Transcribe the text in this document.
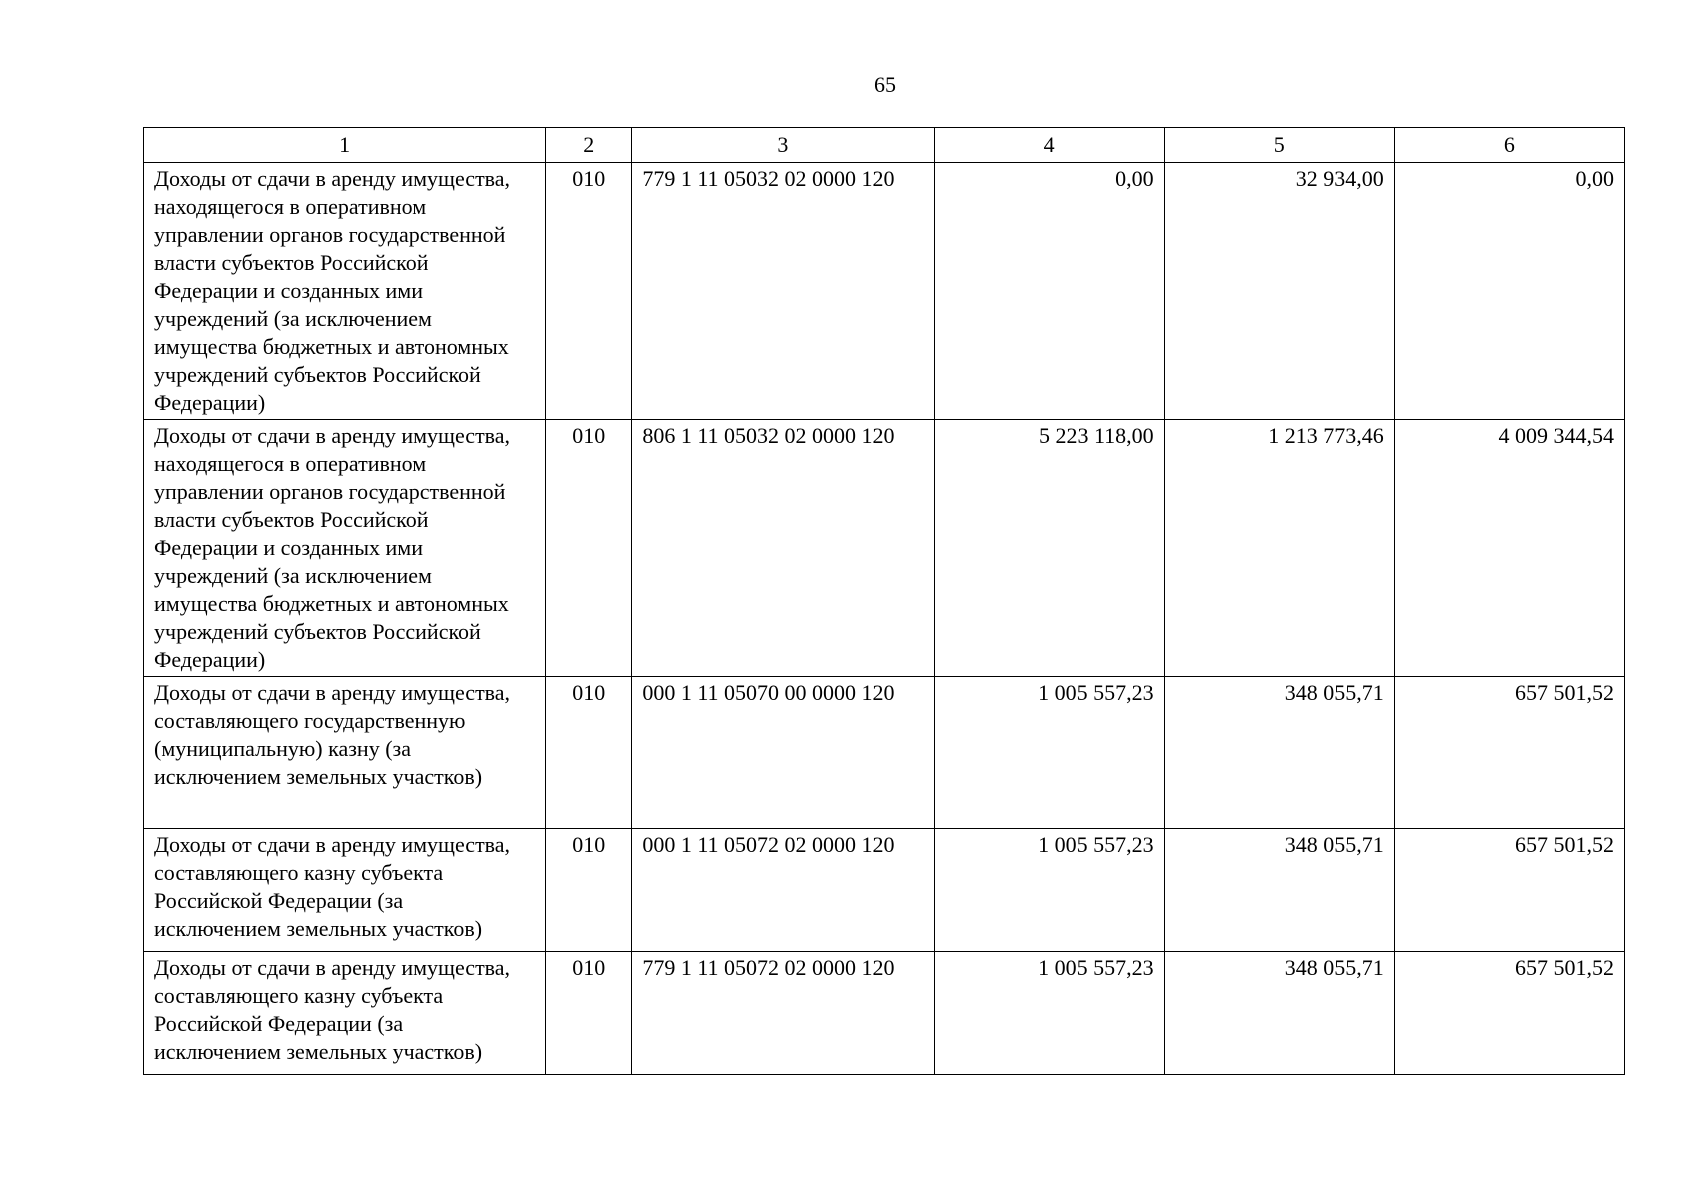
65
1	2	3	4	5	6
Доходы от сдачи в аренду имущества, находящегося в оперативном управлении органов государственной власти субъектов Российской Федерации и созданных ими учреждений (за исключением имущества бюджетных и автономных учреждений субъектов Российской Федерации)	010	779 1 11 05032 02 0000 120	0,00	32 934,00	0,00
Доходы от сдачи в аренду имущества, находящегося в оперативном управлении органов государственной власти субъектов Российской Федерации и созданных ими учреждений (за исключением имущества бюджетных и автономных учреждений субъектов Российской Федерации)	010	806 1 11 05032 02 0000 120	5 223 118,00	1 213 773,46	4 009 344,54
Доходы от сдачи в аренду имущества, составляющего государственную (муниципальную) казну (за исключением земельных участков)	010	000 1 11 05070 00 0000 120	1 005 557,23	348 055,71	657 501,52
Доходы от сдачи в аренду имущества, составляющего казну субъекта Российской Федерации (за исключением земельных участков)	010	000 1 11 05072 02 0000 120	1 005 557,23	348 055,71	657 501,52
Доходы от сдачи в аренду имущества, составляющего казну субъекта Российской Федерации (за исключением земельных участков)	010	779 1 11 05072 02 0000 120	1 005 557,23	348 055,71	657 501,52
